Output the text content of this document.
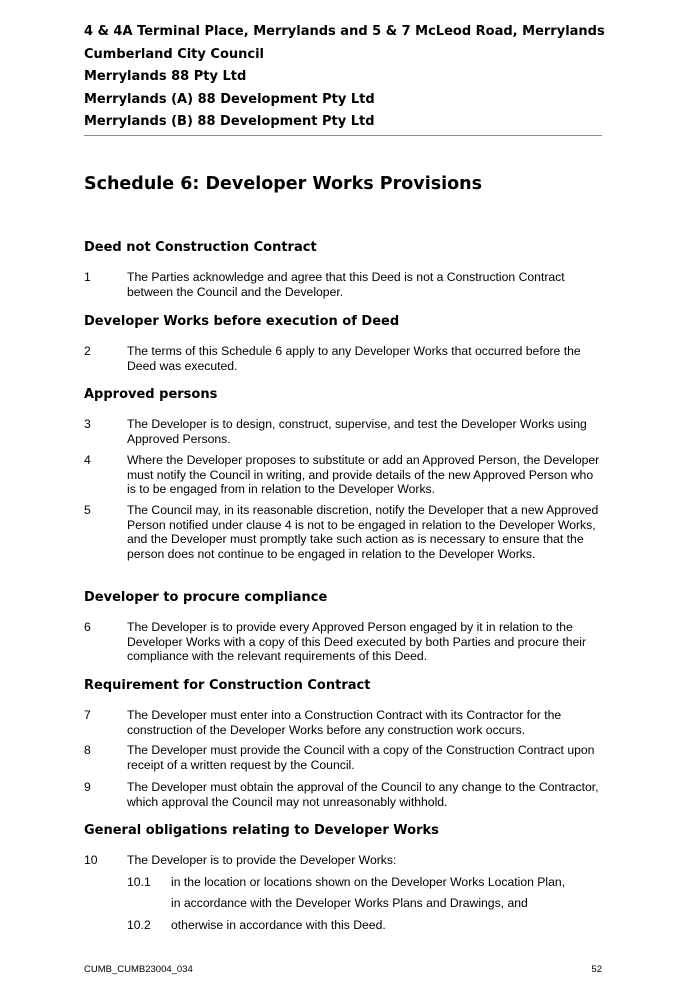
4 & 4A Terminal Place, Merrylands and 5 & 7 McLeod Road, Merrylands
Cumberland City Council
Merrylands 88 Pty Ltd
Merrylands (A) 88 Development Pty Ltd
Merrylands (B) 88 Development Pty Ltd
Schedule 6: Developer Works Provisions
Deed not Construction Contract
1	The Parties acknowledge and agree that this Deed is not a Construction Contract between the Council and the Developer.
Developer Works before execution of Deed
2	The terms of this Schedule 6 apply to any Developer Works that occurred before the Deed was executed.
Approved persons
3	The Developer is to design, construct, supervise, and test the Developer Works using Approved Persons.
4	Where the Developer proposes to substitute or add an Approved Person, the Developer must notify the Council in writing, and provide details of the new Approved Person who is to be engaged from in relation to the Developer Works.
5	The Council may, in its reasonable discretion, notify the Developer that a new Approved Person notified under clause 4 is not to be engaged in relation to the Developer Works, and the Developer must promptly take such action as is necessary to ensure that the person does not continue to be engaged in relation to the Developer Works.
Developer to procure compliance
6	The Developer is to provide every Approved Person engaged by it in relation to the Developer Works with a copy of this Deed executed by both Parties and procure their compliance with the relevant requirements of this Deed.
Requirement for Construction Contract
7	The Developer must enter into a Construction Contract with its Contractor for the construction of the Developer Works before any construction work occurs.
8	The Developer must provide the Council with a copy of the Construction Contract upon receipt of a written request by the Council.
9	The Developer must obtain the approval of the Council to any change to the Contractor, which approval the Council may not unreasonably withhold.
General obligations relating to Developer Works
10 The Developer is to provide the Developer Works:
10.1 in the location or locations shown on the Developer Works Location Plan,
in accordance with the Developer Works Plans and Drawings, and
10.2 otherwise in accordance with this Deed.
CUMB_CUMB23004_034	52
